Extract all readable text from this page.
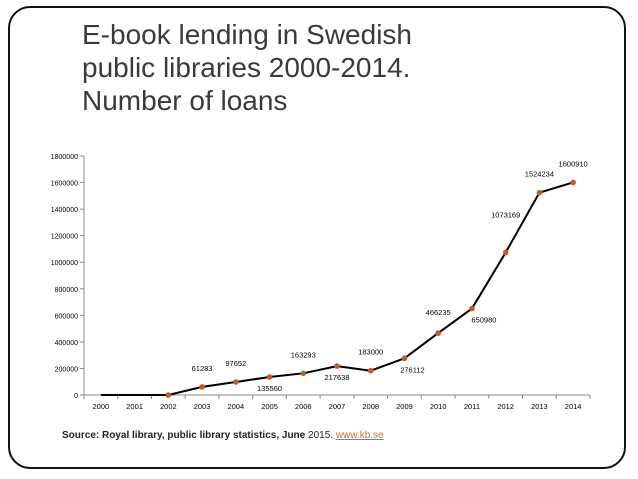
E-book lending in Swedish
public libraries 2000-2014.
Number of loans
0
200000
400000
600000
800000
1000000
1200000
1400000
1600000
1800000
2000 2001 2002 2003 2004 2005 2006 2007 2008 2009 2010 2011 2012 2013 2014
61283
97652
135560
163293
217638
183000
276112
466235
650980
1073169
1524234
1600910
Source: Royal library, public library statistics, June 2015. www.kb.se
